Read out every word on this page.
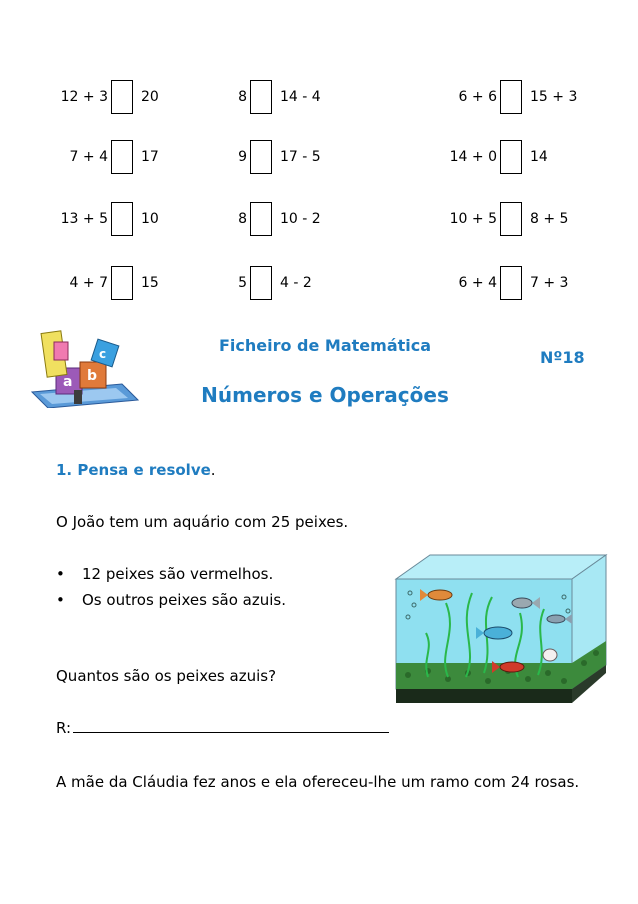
12 + 3 20	8 14 - 4	6 + 6 15 + 3
7 + 4 17	9 17 - 5	14 + 0 14
13 + 5 10	8 10 - 2	10 + 5 8 + 5
4 + 7 15	5 4 - 2	6 + 4 7 + 3
a b
c	Ficheiro de Matemática
Nº18
Números e Operações
1. Pensa e resolve.
O João tem um aquário com 25 peixes.
• 12 peixes são vermelhos.
• Os outros peixes são azuis.
Quantos são os peixes azuis?
R:
A mãe da Cláudia fez anos e ela ofereceu-lhe um ramo com 24 rosas.
